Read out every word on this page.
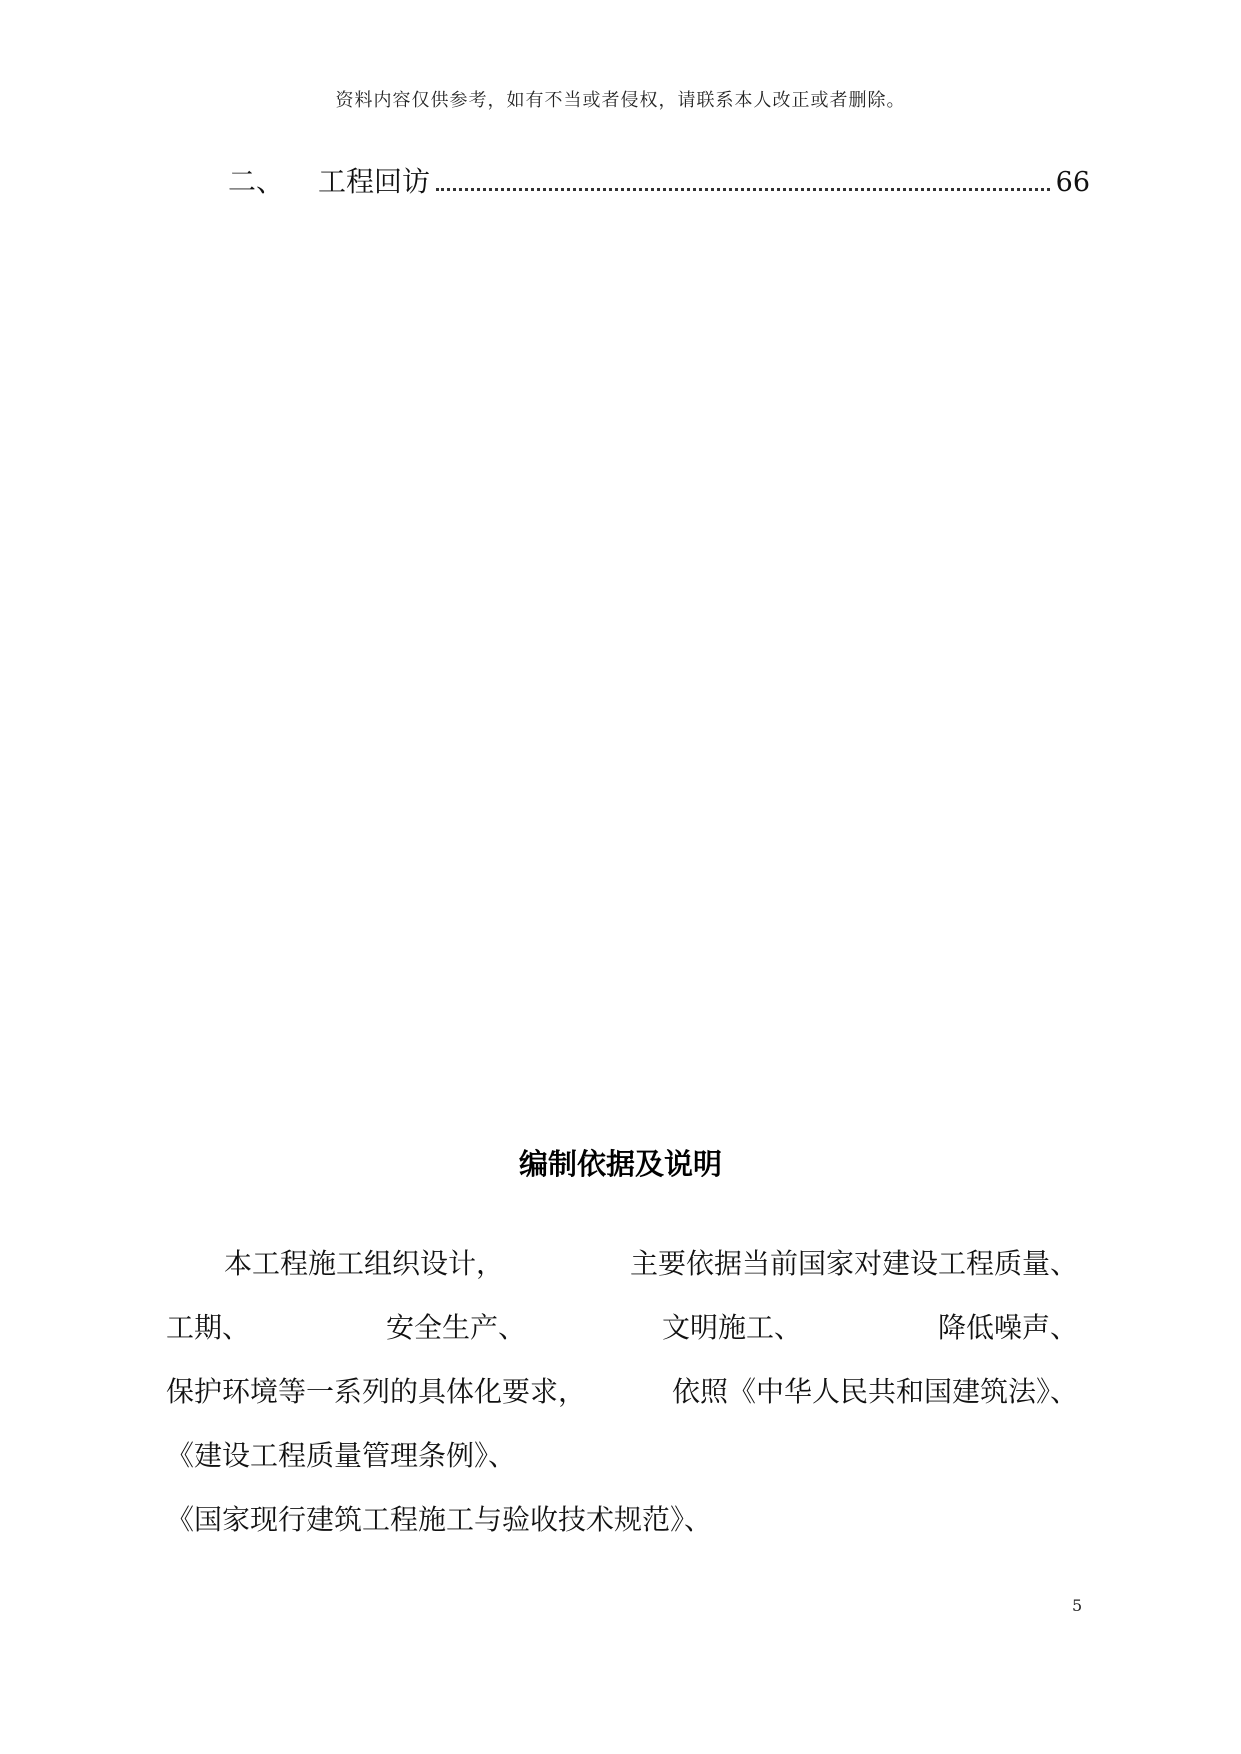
资料内容仅供参考，如有不当或者侵权，请联系本人改正或者删除。
二、 工程回访	66
编制依据及说明
本工程施工组织设计，	主要依据当前国家对建设工程质量、
工期、	安全生产、	文明施工、	降低噪声、
保护环境等一系列的具体化要求，	依照《中华人民共和国建筑法》、
《建设工程质量管理条例》、
《国家现行建筑工程施工与验收技术规范》、
5
